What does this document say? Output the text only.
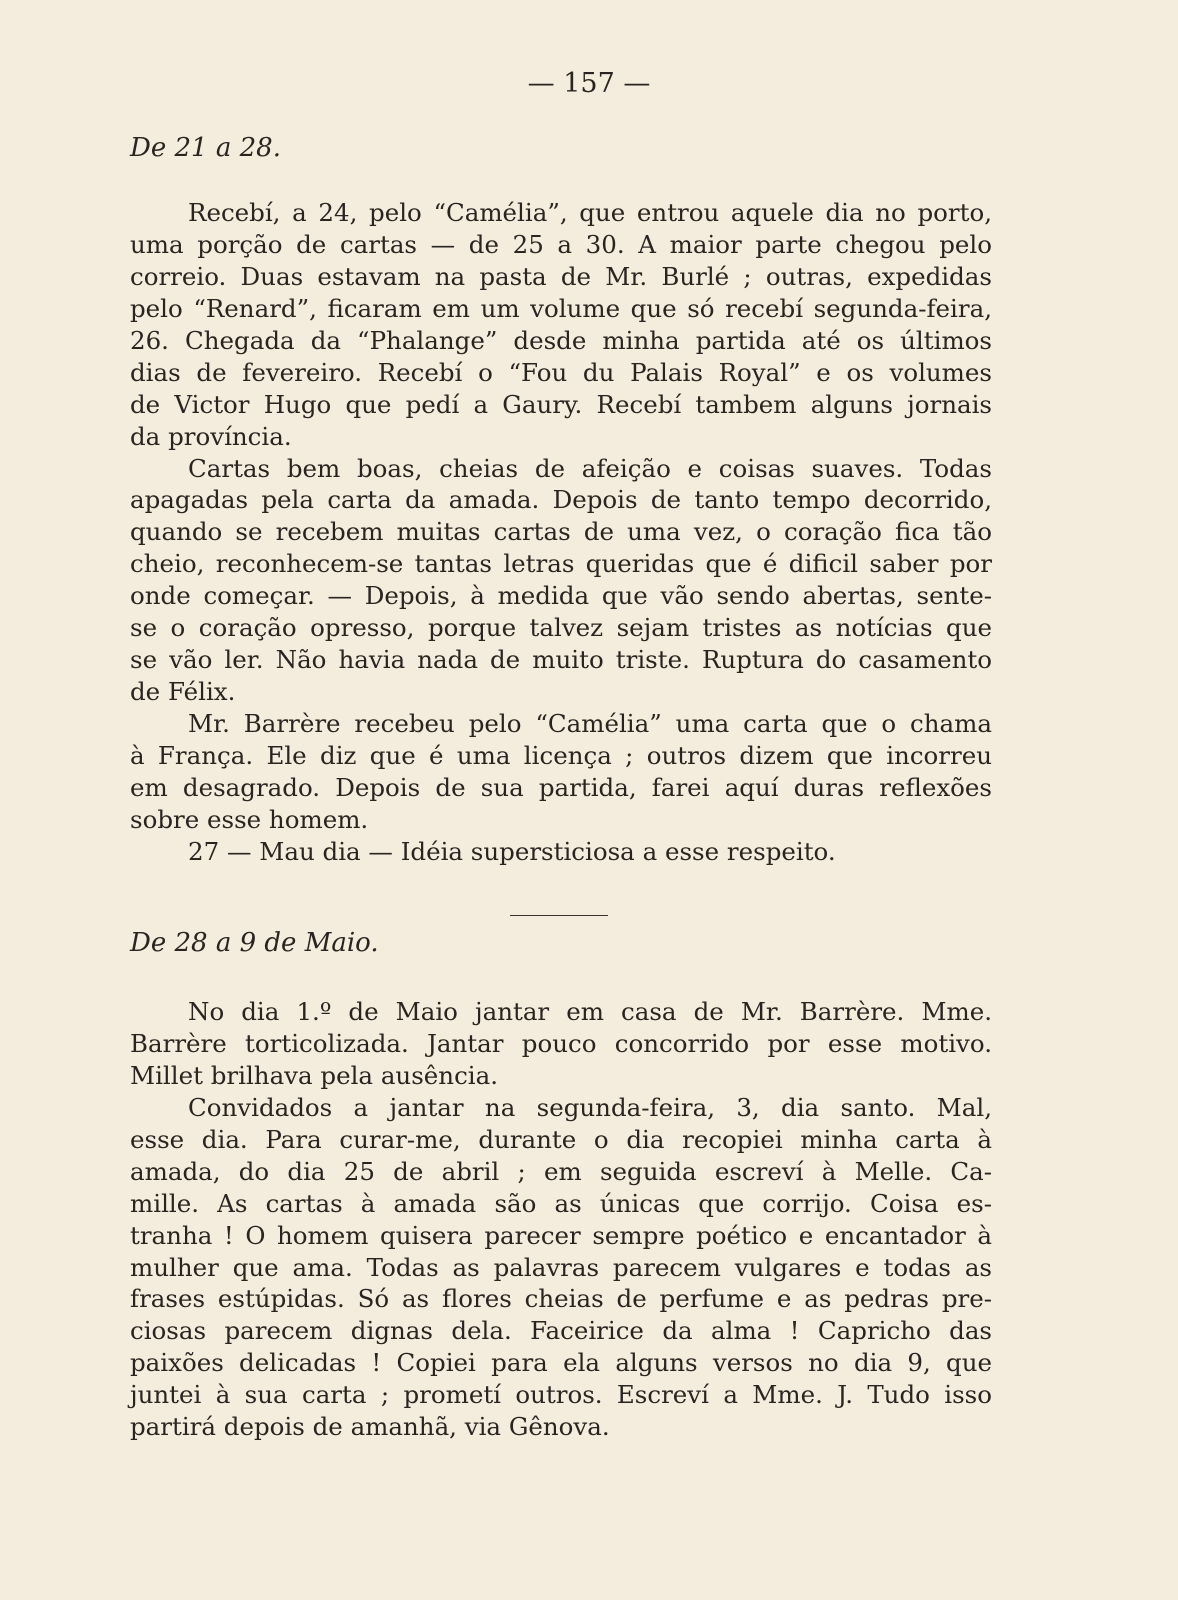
— 157 —
De 21 a 28.
Recebí, a 24, pelo “Camélia”, que entrou aquele dia no porto,
uma porção de cartas — de 25 a 30. A maior parte chegou pelo
correio. Duas estavam na pasta de Mr. Burlé ; outras, expedidas
pelo “Renard”, ficaram em um volume que só recebí segunda-feira,
26. Chegada da “Phalange” desde minha partida até os últimos
dias de fevereiro. Recebí o “Fou du Palais Royal” e os volumes
de Victor Hugo que pedí a Gaury. Recebí tambem alguns jornais
da província.
Cartas bem boas, cheias de afeição e coisas suaves. Todas
apagadas pela carta da amada. Depois de tanto tempo decorrido,
quando se recebem muitas cartas de uma vez, o coração fica tão
cheio, reconhecem-se tantas letras queridas que é dificil saber por
onde começar. — Depois, à medida que vão sendo abertas, sente-
se o coração opresso, porque talvez sejam tristes as notícias que
se vão ler. Não havia nada de muito triste. Ruptura do casamento
de Félix.
Mr. Barrère recebeu pelo “Camélia” uma carta que o chama
à França. Ele diz que é uma licença ; outros dizem que incorreu
em desagrado. Depois de sua partida, farei aquí duras reflexões
sobre esse homem.
27 — Mau dia — Idéia supersticiosa a esse respeito.
De 28 a 9 de Maio.
No dia 1.º de Maio jantar em casa de Mr. Barrère. Mme.
Barrère torticolizada. Jantar pouco concorrido por esse motivo.
Millet brilhava pela ausência.
Convidados a jantar na segunda-feira, 3, dia santo. Mal,
esse dia. Para curar-me, durante o dia recopiei minha carta à
amada, do dia 25 de abril ; em seguida escreví à Melle. Ca-
mille. As cartas à amada são as únicas que corrijo. Coisa es-
tranha ! O homem quisera parecer sempre poético e encantador à
mulher que ama. Todas as palavras parecem vulgares e todas as
frases estúpidas. Só as flores cheias de perfume e as pedras pre-
ciosas parecem dignas dela. Faceirice da alma ! Capricho das
paixões delicadas ! Copiei para ela alguns versos no dia 9, que
juntei à sua carta ; prometí outros. Escreví a Mme. J. Tudo isso
partirá depois de amanhã, via Gênova.
